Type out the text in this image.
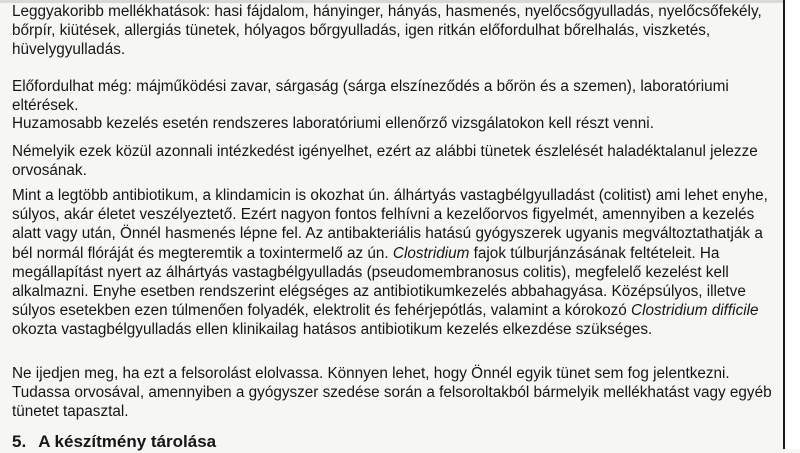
Leggyakoribb mellékhatások: hasi fájdalom, hányinger, hányás, hasmenés, nyelőcsőgyulladás, nyelőcsőfekély, bőrpír, kiütések, allergiás tünetek, hólyagos bőrgyulladás, igen ritkán előfordulhat bőrelhalás, viszketés, hüvelygyulladás.

Előfordulhat még: májműködési zavar, sárgaság (sárga elszíneződés a bőrön és a szemen), laboratóriumi eltérések.

Huzamosabb kezelés esetén rendszeres laboratóriumi ellenőrző vizsgálatokon kell részt venni.

Némelyik ezek közül azonnali intézkedést igényelhet, ezért az alábbi tünetek észlelését haladéktalanul jelezze orvosának.

Mint a legtöbb antibiotikum, a klindamicin is okozhat ún. álhártyás vastagbélgyulladást (colitist) ami lehet enyhe, súlyos, akár életet veszélyeztető. Ezért nagyon fontos felhívni a kezelőorvos figyelmét, amennyiben a kezelés alatt vagy után, Önnél hasmenés lépne fel. Az antibakteriális hatású gyógyszerek ugyanis megváltoztathatják a bél normál flóráját és megteremtik a toxintermelő az ún. Clostridium fajok túlburjánzásának feltételeit. Ha megállapítást nyert az álhártyás vastagbélgyulladás (pseudomembranosus colitis), megfelelő kezelést kell alkalmazni. Enyhe esetben rendszerint elégséges az antibiotikumkezelés abbahagyása. Középsúlyos, illetve súlyos esetekben ezen túlmenően folyadék, elektrolit és fehérjepótlás, valamint a kórokozó Clostridium difficile okozta vastagbélgyulladás ellen klinikailag hatásos antibiotikum kezelés elkezdése szükséges.

Ne ijedjen meg, ha ezt a felsorolást elolvassa. Könnyen lehet, hogy Önnél egyik tünet sem fog jelentkezni. Tudassa orvosával, amennyiben a gyógyszer szedése során a felsoroltakból bármelyik mellékhatást vagy egyéb tünetet tapasztal.

5. A készítmény tárolása
